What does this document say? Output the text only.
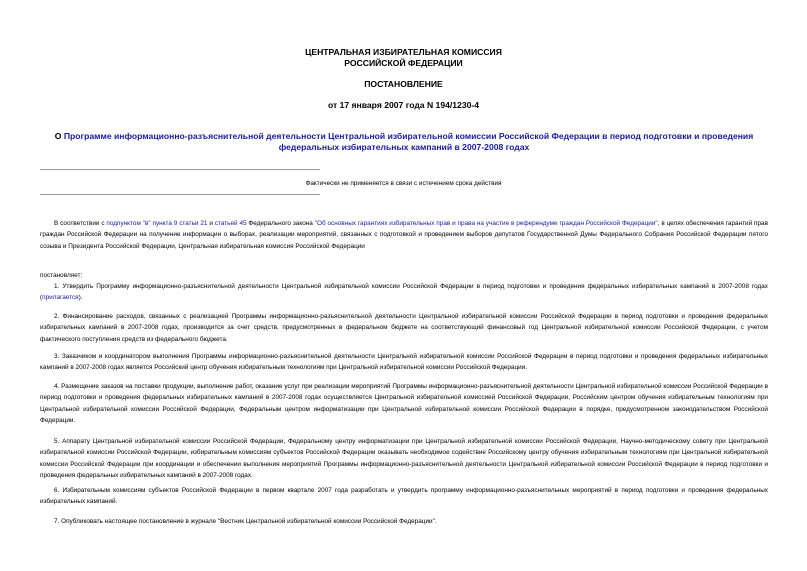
ЦЕНТРАЛЬНАЯ ИЗБИРАТЕЛЬНАЯ КОМИССИЯ
РОССИЙСКОЙ ФЕДЕРАЦИИ
ПОСТАНОВЛЕНИЕ
от 17 января 2007 года N 194/1230-4
О Программе информационно-разъяснительной деятельности Центральной избирательной комиссии Российской Федерации в период подготовки и проведения федеральных избирательных кампаний в 2007-2008 годах
Фактически не применяется в связи с истечением срока действия

В соответствии с подпунктом "в" пункта 9 статьи 21 и статьей 45 Федерального закона "Об основных гарантиях избирательных прав и права на участие в референдуме граждан Российской Федерации", в целях обеспечения гарантий прав граждан Российской Федерации на получение информации о выборах, реализации мероприятий, связанных с подготовкой и проведением выборов депутатов Государственной Думы Федерального Собрания Российской Федерации пятого созыва и Президента Российской Федерации, Центральная избирательная комиссия Российской Федерации

постановляет:

1. Утвердить Программу информационно-разъяснительной деятельности Центральной избирательной комиссии Российской Федерации в период подготовки и проведения федеральных избирательных кампаний в 2007-2008 годах (прилагается).

2. Финансирование расходов, связанных с реализацией Программы информационно-разъяснительной деятельности Центральной избирательной комиссии Российской Федерации в период подготовки и проведения федеральных избирательных кампаний в 2007-2008 годах, производится за счет средств, предусмотренных в федеральном бюджете на соответствующий финансовый год Центральной избирательной комиссии Российской Федерации, с учетом фактического поступления средств из федерального бюджета.

3. Заказчиком и координатором выполнения Программы информационно-разъяснительной деятельности Центральной избирательной комиссии Российской Федерации в период подготовки и проведения федеральных избирательных кампаний в 2007-2008 годах является Российский центр обучения избирательным технологиям при Центральной избирательной комиссии Российской Федерации.

4. Размещение заказов на поставки продукции, выполнение работ, оказание услуг при реализации мероприятий Программы информационно-разъяснительной деятельности Центральной избирательной комиссии Российской Федерации в период подготовки и проведения федеральных избирательных кампаний в 2007-2008 годах осуществляется Центральной избирательной комиссией Российской Федерации, Российским центром обучения избирательным технологиям при Центральной избирательной комиссии Российской Федерации, Федеральным центром информатизации при Центральной избирательной комиссии Российской Федерации в порядке, предусмотренном законодательством Российской Федерации.

5. Аппарату Центральной избирательной комиссии Российской Федерации, Федеральному центру информатизации при Центральной избирательной комиссии Российской Федерации, Научно-методическому совету при Центральной избирательной комиссии Российской Федерации, избирательным комиссиям субъектов Российской Федерации оказывать необходимое содействие Российскому центру обучения избирательным технологиям при Центральной избирательной комиссии Российской Федерации при координации и обеспечении выполнения мероприятий Программы информационно-разъяснительной деятельности Центральной избирательной комиссии Российской Федерации в период подготовки и проведения федеральных избирательных кампаний в 2007-2008 годах.

6. Избирательным комиссиям субъектов Российской Федерации в первом квартале 2007 года разработать и утвердить программу информационно-разъяснительных мероприятий в период подготовки и проведения федеральных избирательных кампаний.

7. Опубликовать настоящее постановление в журнале "Вестник Центральной избирательной комиссии Российской Федерации".
